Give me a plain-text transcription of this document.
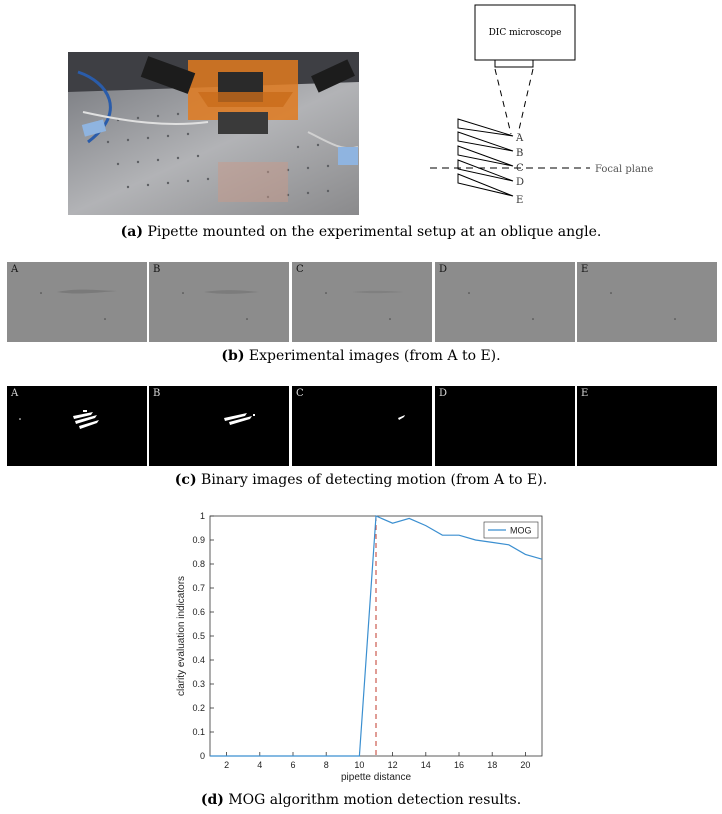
DIC microscope
Focal plane
A
B
C
D
E
(a) Pipette mounted on the experimental setup at an oblique angle.
A	B	C	D	E
(b) Experimental images (from A to E).
A	B	C	D	E
(c) Binary images of detecting motion (from A to E).
2	4	6	8	10	12	14	16	18	20
0
0.1
0.2
0.3
0.4
0.5
0.6
0.7
0.8
0.9
1
pipette distance
clarity evaluation indicators
MOG
(d) MOG algorithm motion detection results.
